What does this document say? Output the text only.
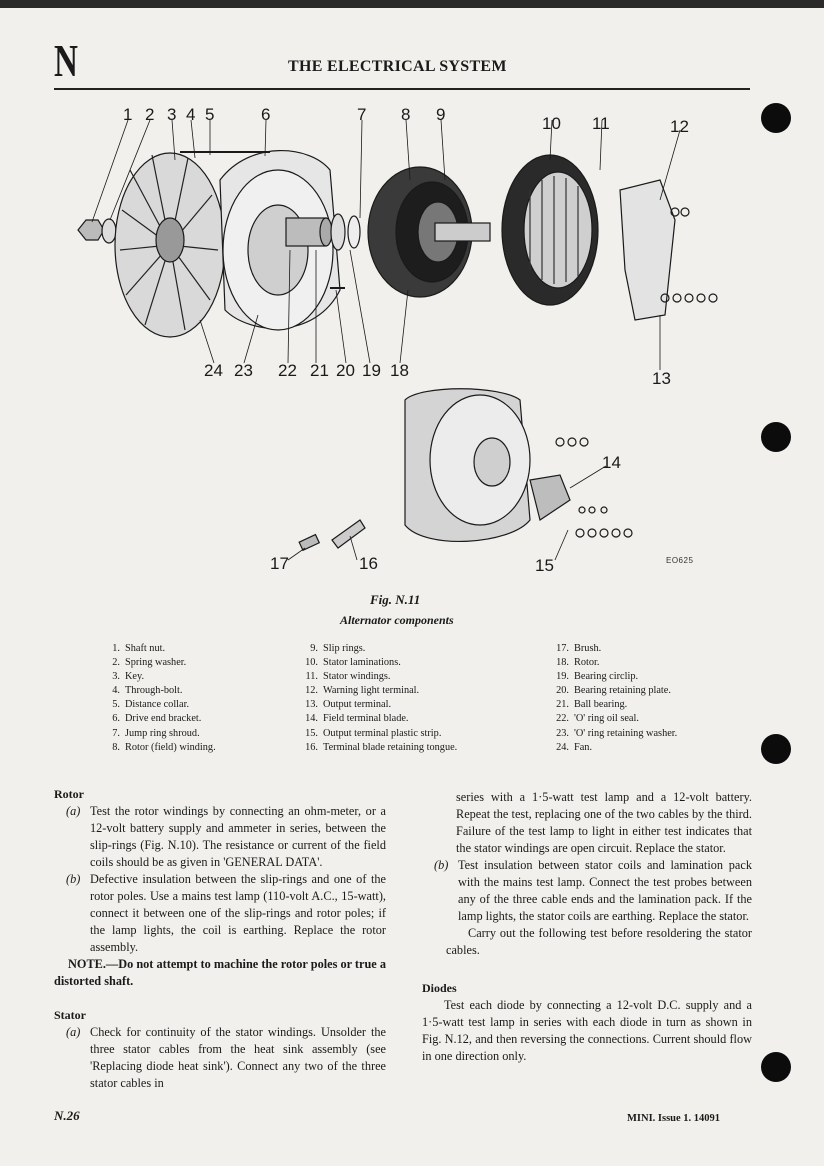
N	THE ELECTRICAL SYSTEM
1 2 3 4 5	6	7 8 9	10 11	12
24 23 22 21 20 19 18	13
14
17	16	15	EO625
Fig. N.11
Alternator components
1. Shaft nut.
2. Spring washer.
3. Key.
4. Through-bolt.
5. Distance collar.
6. Drive end bracket.
7. Jump ring shroud.
8. Rotor (field) winding.
9. Slip rings.
10. Stator laminations.
11. Stator windings.
12. Warning light terminal.
13. Output terminal.
14. Field terminal blade.
15. Output terminal plastic strip.
16. Terminal blade retaining tongue.
17. Brush.
18. Rotor.
19. Bearing circlip.
20. Bearing retaining plate.
21. Ball bearing.
22. 'O' ring oil seal.
23. 'O' ring retaining washer.
24. Fan.
Rotor
(a) Test the rotor windings by connecting an ohm-meter, or a 12-volt battery supply and ammeter in series, between the slip-rings (Fig. N.10). The resistance or current of the field coils should be as given in 'GENERAL DATA'.
(b) Defective insulation between the slip-rings and one of the rotor poles. Use a mains test lamp (110-volt A.C., 15-watt), connect it between one of the slip-rings and rotor poles; if the lamp lights, the coil is earthing. Replace the rotor assembly.
NOTE.—Do not attempt to machine the rotor poles or true a distorted shaft.
Stator
(a) Check for continuity of the stator windings. Unsolder the three stator cables from the heat sink assembly (see 'Replacing diode heat sink'). Connect any two of the three stator cables in
series with a 1·5-watt test lamp and a 12-volt battery. Repeat the test, replacing one of the two cables by the third. Failure of the test lamp to light in either test indicates that the stator windings are open circuit. Replace the stator.
(b) Test insulation between stator coils and lamination pack with the mains test lamp. Connect the test probes between any of the three cable ends and the lamination pack. If the lamp lights, the stator coils are earthing. Replace the stator.
Carry out the following test before resoldering the stator cables.
Diodes
Test each diode by connecting a 12-volt D.C. supply and a 1·5-watt test lamp in series with each diode in turn as shown in Fig. N.12, and then reversing the connections. Current should flow in one direction only.
N.26	MINI. Issue 1. 14091
